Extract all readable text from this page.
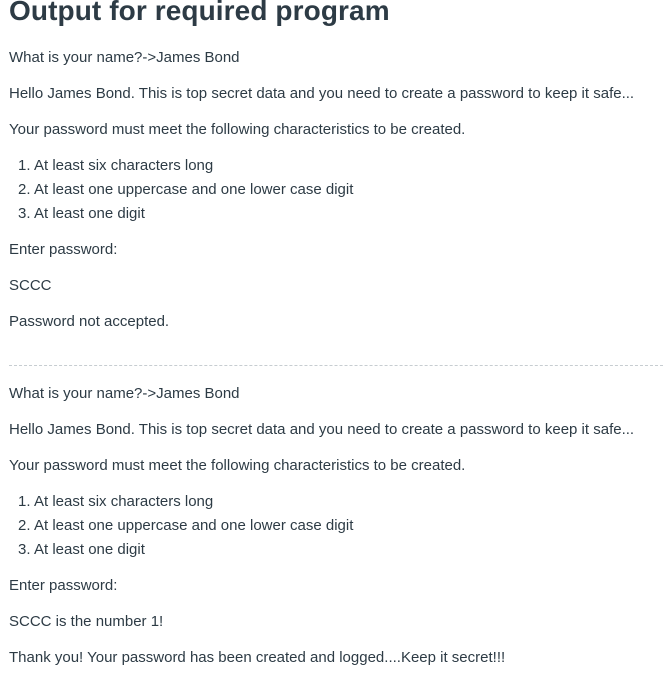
Output for required program

What is your name?->James Bond

Hello James Bond. This is top secret data and you need to create a password to keep it safe...

Your password must meet the following characteristics to be created.

1. At least six characters long
2. At least one uppercase and one lower case digit
3. At least one digit

Enter password:

SCCC

Password not accepted.

What is your name?->James Bond

Hello James Bond. This is top secret data and you need to create a password to keep it safe...

Your password must meet the following characteristics to be created.

1. At least six characters long
2. At least one uppercase and one lower case digit
3. At least one digit

Enter password:

SCCC is the number 1!

Thank you! Your password has been created and logged....Keep it secret!!!
